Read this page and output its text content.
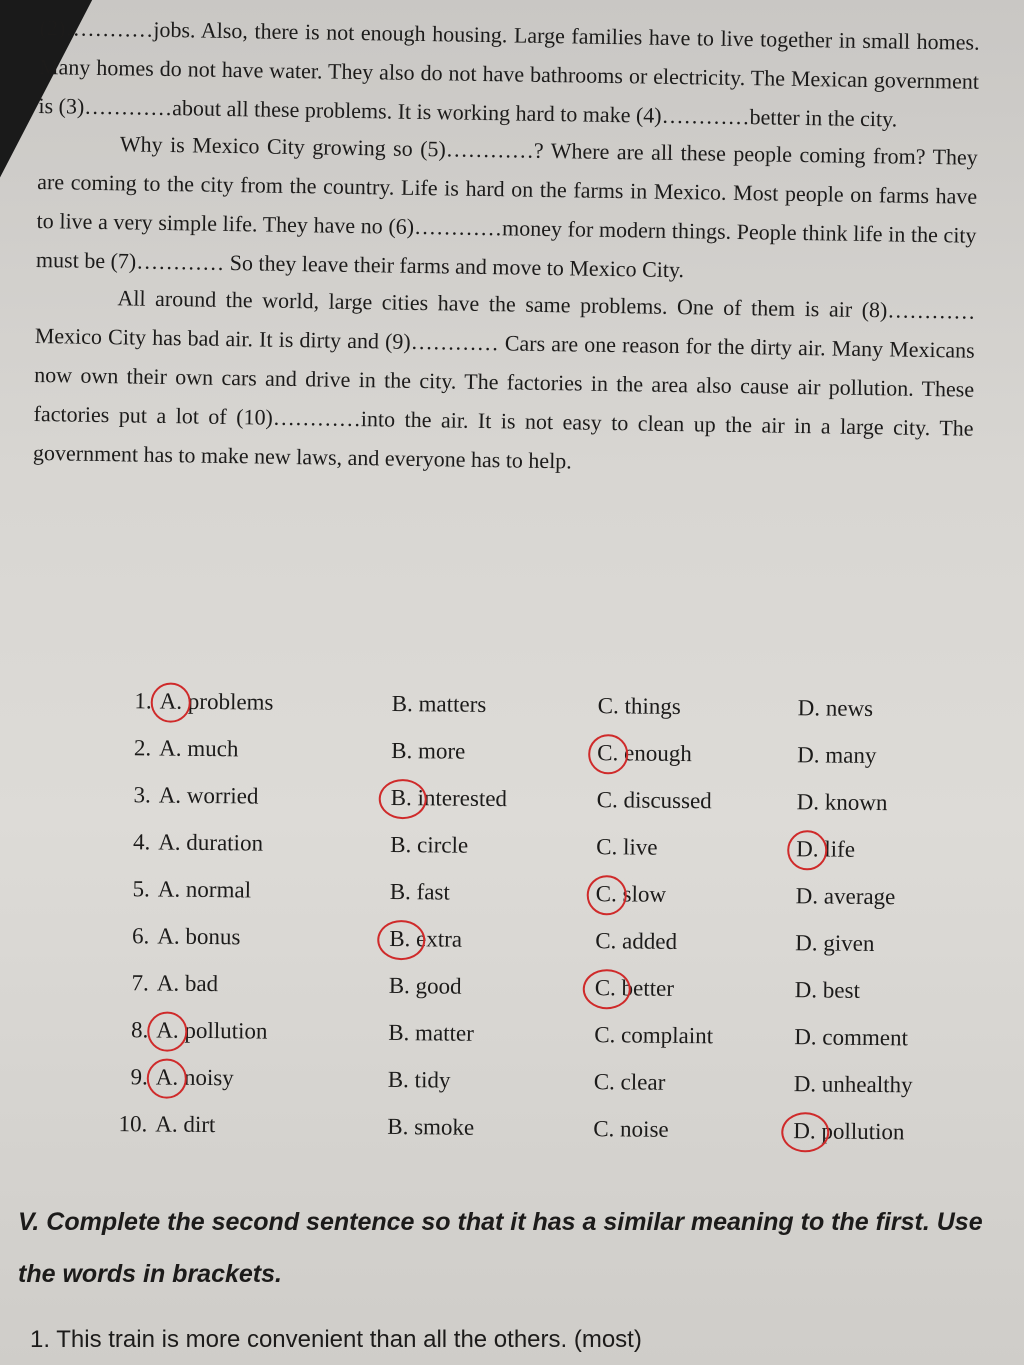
(2)…………jobs. Also, there is not enough housing. Large families have to live together in small homes. Many homes do not have water. They also do not have bathrooms or electricity. The Mexican government is (3)…………about all these problems. It is working hard to make (4)…………better in the city.

Why is Mexico City growing so (5)…………? Where are all these people coming from? They are coming to the city from the country. Life is hard on the farms in Mexico. Most people on farms have to live a very simple life. They have no (6)…………money for modern things. People think life in the city must be (7)………… So they leave their farms and move to Mexico City.

All around the world, large cities have the same problems. One of them is air (8)…………Mexico City has bad air. It is dirty and (9)………… Cars are one reason for the dirty air. Many Mexicans now own their own cars and drive in the city. The factories in the area also cause air pollution. These factories put a lot of (10)…………into the air. It is not easy to clean up the air in a large city. The government has to make new laws, and everyone has to help.

1. A. problems	B. matters	C. things	D. news
2. A. much	B. more	C. enough	D. many
3. A. worried	B. interested	C. discussed	D. known
4. A. duration	B. circle	C. live	D. life
5. A. normal	B. fast	C. slow	D. average
6. A. bonus	B. extra	C. added	D. given
7. A. bad	B. good	C. better	D. best
8. A. pollution	B. matter	C. complaint	D. comment
9. A. noisy	B. tidy	C. clear	D. unhealthy
10. A. dirt	B. smoke	C. noise	D. pollution
V. Complete the second sentence so that it has a similar meaning to the first. Use the words in brackets.
1. This train is more convenient than all the others. (most)
